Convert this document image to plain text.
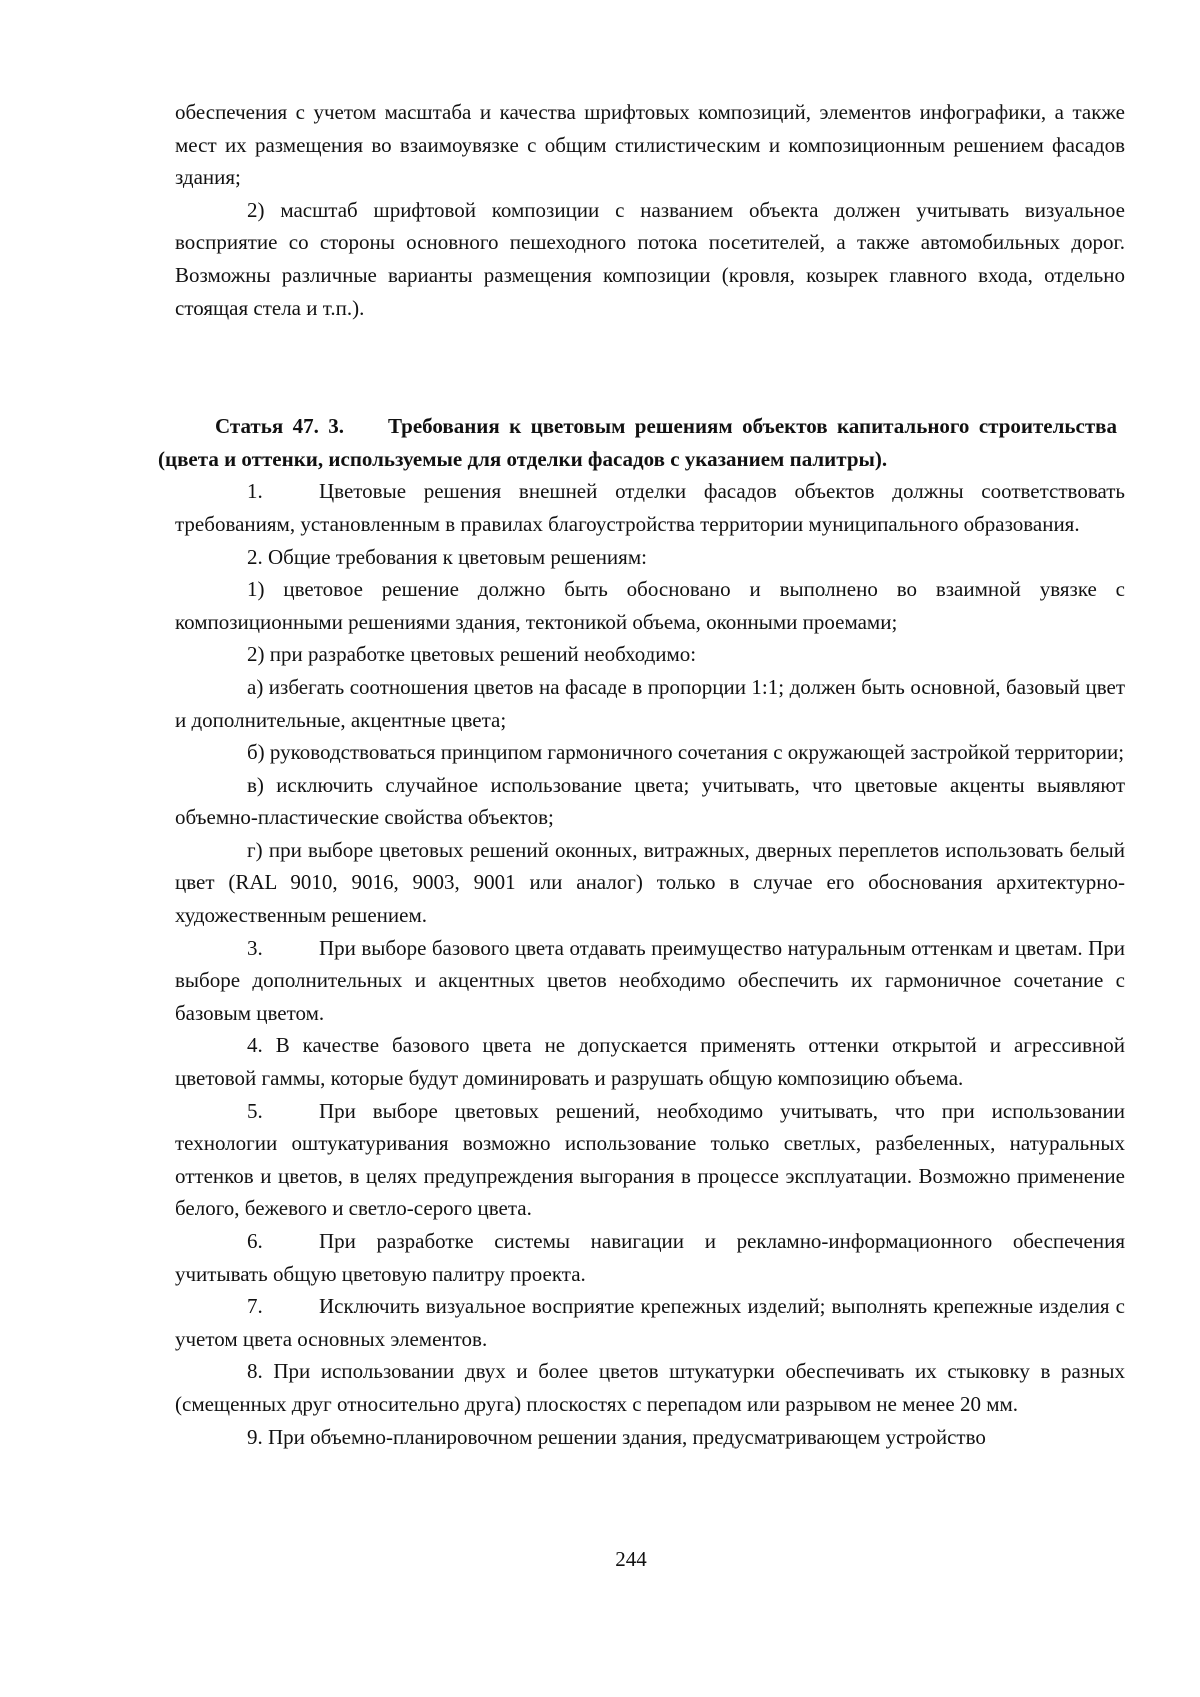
обеспечения с учетом масштаба и качества шрифтовых композиций, элементов инфографики, а также мест их размещения во взаимоувязке с общим стилистическим и композиционным решением фасадов здания;

2) масштаб шрифтовой композиции с названием объекта должен учитывать визуальное восприятие со стороны основного пешеходного потока посетителей, а также автомобильных дорог. Возможны различные варианты размещения композиции (кровля, козырек главного входа, отдельно стоящая стела и т.п.).

Статья 47. 3. Требования к цветовым решениям объектов капитального строительства (цвета и оттенки, используемые для отделки фасадов с указанием палитры).

1.	Цветовые решения внешней отделки фасадов объектов должны соответствовать требованиям, установленным в правилах благоустройства территории муниципального образования.

2. Общие требования к цветовым решениям:

1) цветовое решение должно быть обосновано и выполнено во взаимной увязке с композиционными решениями здания, тектоникой объема, оконными проемами;

2) при разработке цветовых решений необходимо:

а) избегать соотношения цветов на фасаде в пропорции 1:1; должен быть основной, базовый цвет и дополнительные, акцентные цвета;

б) руководствоваться принципом гармоничного сочетания с окружающей застройкой территории;

в) исключить случайное использование цвета; учитывать, что цветовые акценты выявляют объемно-пластические свойства объектов;

г) при выборе цветовых решений оконных, витражных, дверных переплетов использовать белый цвет (RAL 9010, 9016, 9003, 9001 или аналог) только в случае его обоснования архитектурно-художественным решением.

3.	При выборе базового цвета отдавать преимущество натуральным оттенкам и цветам. При выборе дополнительных и акцентных цветов необходимо обеспечить их гармоничное сочетание с базовым цветом.

4. В качестве базового цвета не допускается применять оттенки открытой и агрессивной цветовой гаммы, которые будут доминировать и разрушать общую композицию объема.

5.	При выборе цветовых решений, необходимо учитывать, что при использовании технологии оштукатуривания возможно использование только светлых, разбеленных, натуральных оттенков и цветов, в целях предупреждения выгорания в процессе эксплуатации. Возможно применение белого, бежевого и светло-серого цвета.

6.	При разработке системы навигации и рекламно-информационного обеспечения учитывать общую цветовую палитру проекта.

7.	Исключить визуальное восприятие крепежных изделий; выполнять крепежные изделия с учетом цвета основных элементов.

8. При использовании двух и более цветов штукатурки обеспечивать их стыковку в разных (смещенных друг относительно друга) плоскостях с перепадом или разрывом не менее 20 мм.

9. При объемно-планировочном решении здания, предусматривающем устройство

244
